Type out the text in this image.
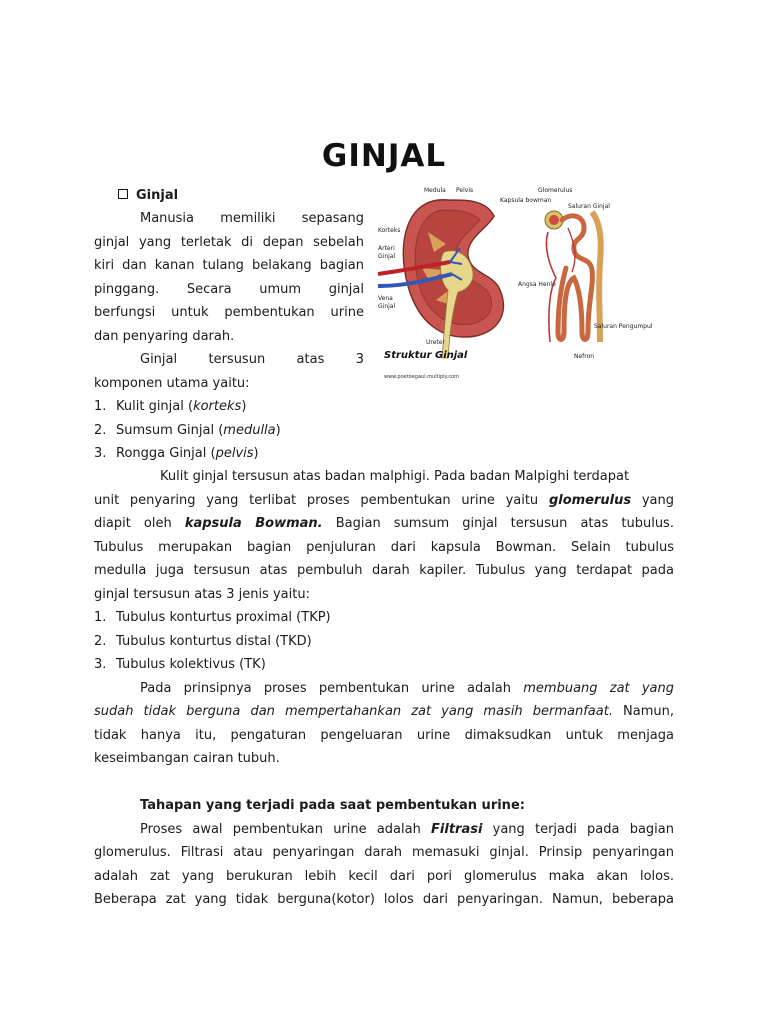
GINJAL
Ginjal
Manusia memiliki sepasang
ginjal yang terletak di depan sebelah
kiri dan kanan tulang belakang bagian
pinggang. Secara umum ginjal
berfungsi untuk pembentukan urine
dan penyaring darah.
Ginjal tersusun atas 3
komponen utama yaitu:
1. Kulit ginjal (korteks)
2. Sumsum Ginjal (medulla)
3. Rongga Ginjal (pelvis)
Kulit ginjal tersusun atas badan malphigi. Pada badan Malpighi terdapat
unit penyaring yang terlibat proses pembentukan urine yaitu glomerulus yang
diapit oleh kapsula Bowman. Bagian sumsum ginjal tersusun atas tubulus.
Tubulus merupakan bagian penjuluran dari kapsula Bowman. Selain tubulus
medulla juga tersusun atas pembuluh darah kapiler. Tubulus yang terdapat pada
ginjal tersusun atas 3 jenis yaitu:
1. Tubulus konturtus proximal (TKP)
2. Tubulus konturtus distal (TKD)
3. Tubulus kolektivus (TK)
Pada prinsipnya proses pembentukan urine adalah membuang zat yang
sudah tidak berguna dan mempertahankan zat yang masih bermanfaat. Namun,
tidak hanya itu, pengaturan pengeluaran urine dimaksudkan untuk menjaga
keseimbangan cairan tubuh.
Tahapan yang terjadi pada saat pembentukan urine:
Proses awal pembentukan urine adalah Filtrasi yang terjadi pada bagian
glomerulus. Filtrasi atau penyaringan darah memasuki ginjal. Prinsip penyaringan
adalah zat yang berukuran lebih kecil dari pori glomerulus maka akan lolos.
Beberapa zat yang tidak berguna(kotor) lolos dari penyaringan. Namun, beberapa
Medula Pelvis
Korteks
Arteri
Ginjal
Vena
Ginjal
Ureter
Glomerulus
Kapsula bowman
Saluran Ginjal
Angsa Henle
Saluran Pengumpul
Nefron
Struktur Ginjal
www.poetoegaul.multiply.com
